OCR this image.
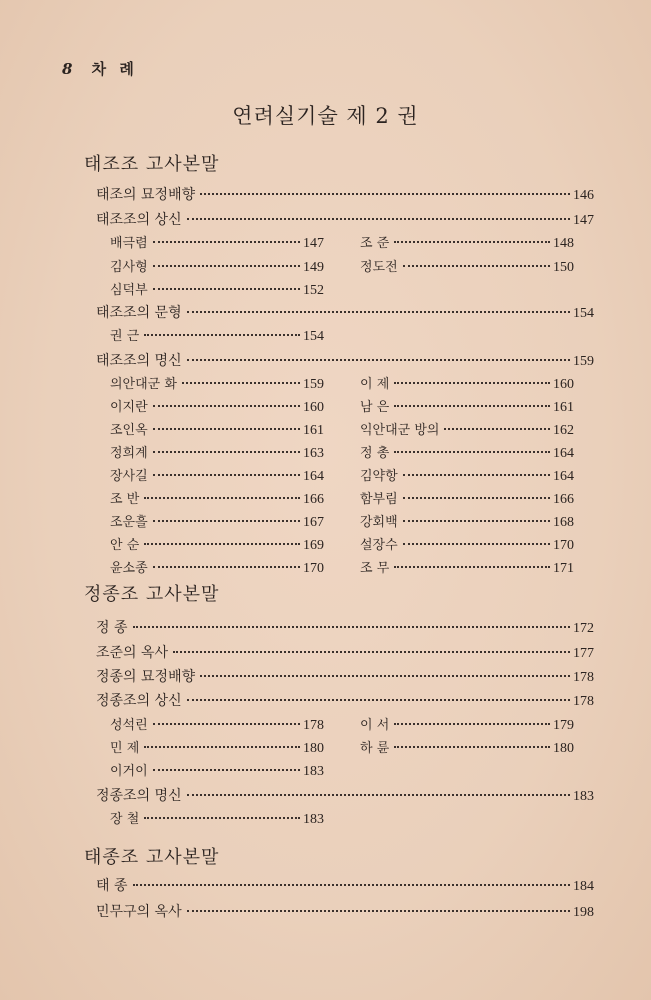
8 차 례
연려실기술 제 2 권
태조조 고사본말
태조의 묘정배향	146
태조조의 상신	147
배극렴	147	조 준	148
김사형	149	정도전	150
심덕부	152
태조조의 문형	154
권 근	154
태조조의 명신	159
의안대군 화	159	이 제	160
이지란	160	남 은	161
조인옥	161	익안대군 방의	162
정희계	163	정 총	164
장사길	164	김약항	164
조 반	166	함부림	166
조운흘	167	강회백	168
안 순	169	설장수	170
윤소종	170	조 무	171
정종조 고사본말
정 종	172
조준의 옥사	177
정종의 묘정배향	178
정종조의 상신	178
성석린	178	이 서	179
민 제	180	하 륜	180
이거이	183
정종조의 명신	183
장 철	183
태종조 고사본말
태 종	184
민무구의 옥사	198
